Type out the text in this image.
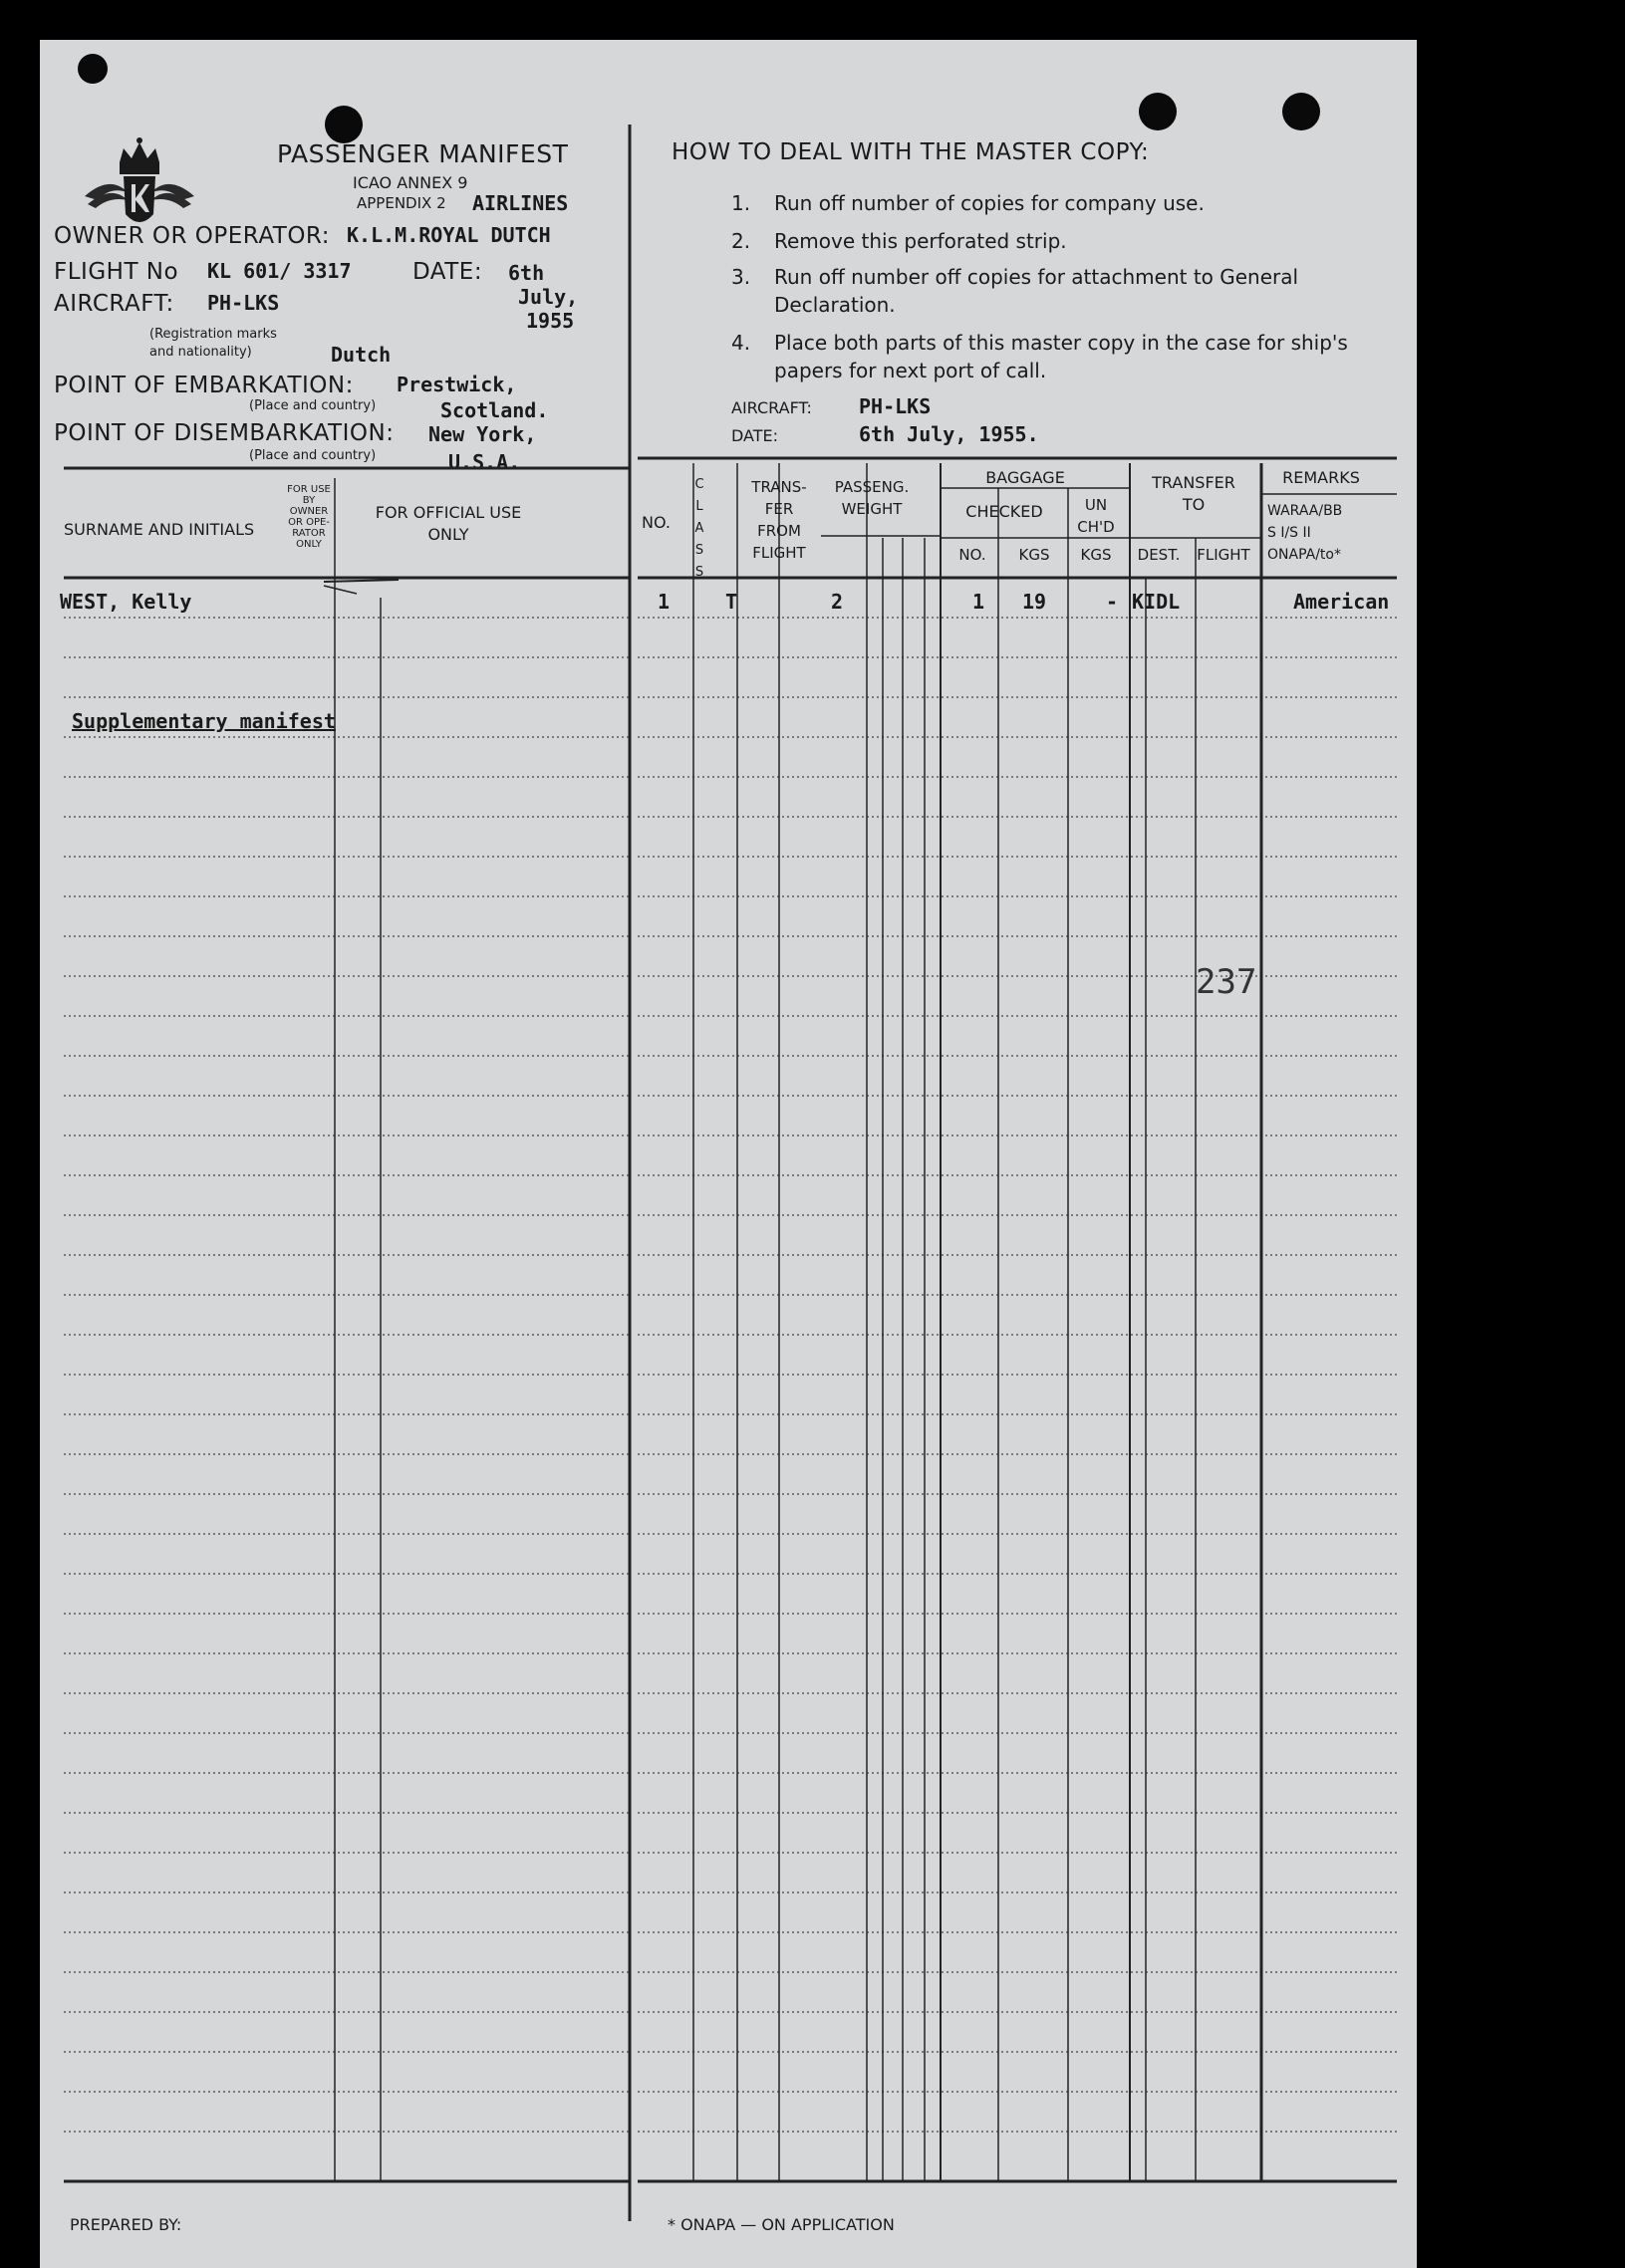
PASSENGER MANIFEST
ICAO ANNEX 9
APPENDIX 2 AIRLINES
OWNER OR OPERATOR: K.L.M.ROYAL DUTCH
FLIGHT No KL 601/ 3317	DATE: 6th
AIRCRAFT: PH-LKS	July,
1955
(Registration marks
and nationality)	Dutch
POINT OF EMBARKATION: Prestwick,
(Place and country)	Scotland.
POINT OF DISEMBARKATION: New York,
(Place and country)	U.S.A.
HOW TO DEAL WITH THE MASTER COPY:
1. Run off number of copies for company use.
2. Remove this perforated strip.
3. Run off number off copies for attachment to General
Declaration.
4. Place both parts of this master copy in the case for ship's
papers for next port of call.
AIRCRAFT: PH-LKS
DATE:	6th July, 1955.
SURNAME AND INITIALS
FOR USE
BY
OWNER
OR OPE-
RATOR
ONLY
FOR OFFICIAL USE
ONLY
NO.
C
L
A
S
S
TRANS-
FER
FROM
FLIGHT
PASSENG.
WEIGHT
BAGGAGE
CHECKED	UN
CH'D
NO.	KGS	KGS
TRANSFER
TO
DEST.	FLIGHT
REMARKS
WARAA/BB
S I/S II
ONAPA/to*
WEST, Kelly	1	T	2	1 19	- KIDL	American
Supplementary manifest
237
PREPARED BY:	* ONAPA — ON APPLICATION
